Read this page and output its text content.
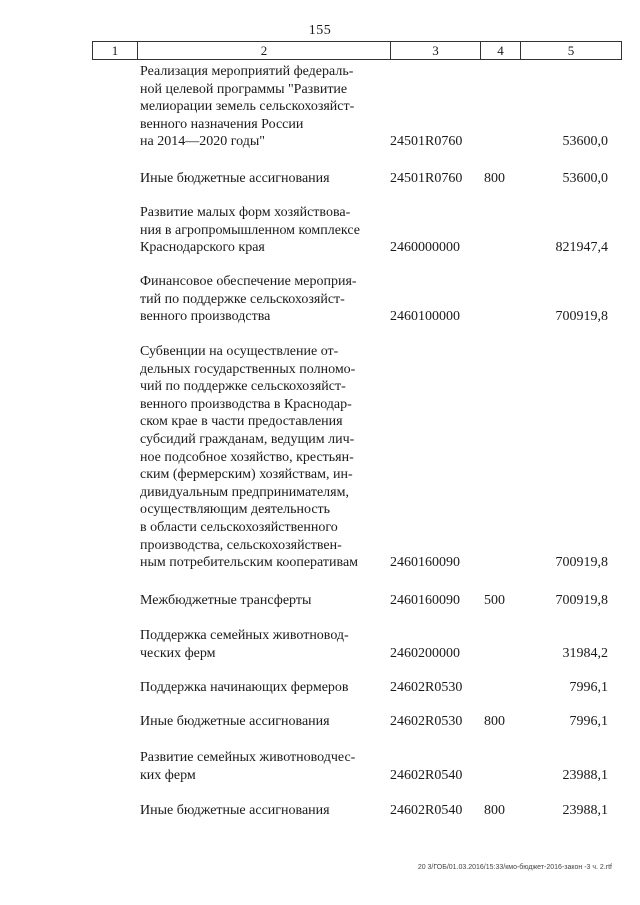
155
1	2	3	4	5
Реализация мероприятий федераль-
ной целевой программы "Развитие
мелиорации земель сельскохозяйст-
венного назначения России
на 2014—2020 годы"	24501R0760	53600,0
Иные бюджетные ассигнования	24501R0760 800	53600,0
Развитие малых форм хозяйствова-
ния в агропромышленном комплексе
Краснодарского края	2460000000	821947,4
Финансовое обеспечение мероприя-
тий по поддержке сельскохозяйст-
венного производства	2460100000	700919,8
Субвенции на осуществление от-
дельных государственных полномо-
чий по поддержке сельскохозяйст-
венного производства в Краснодар-
ском крае в части предоставления
субсидий гражданам, ведущим лич-
ное подсобное хозяйство, крестьян-
ским (фермерским) хозяйствам, ин-
дивидуальным предпринимателям,
осуществляющим деятельность
в области сельскохозяйственного
производства, сельскохозяйствен-
ным потребительским кооперативам	2460160090	700919,8
Межбюджетные трансферты	2460160090 500	700919,8
Поддержка семейных животновод-
ческих ферм	2460200000	31984,2
Поддержка начинающих фермеров	24602R0530	7996,1
Иные бюджетные ассигнования	24602R0530 800	7996,1
Развитие семейных животноводчес-
ких ферм	24602R0540	23988,1
Иные бюджетные ассигнования	24602R0540 800	23988,1
20 3/ГОБ/01.03.2016/15:33/кмо-бюджет-2016-закон -3 ч. 2.rtf
